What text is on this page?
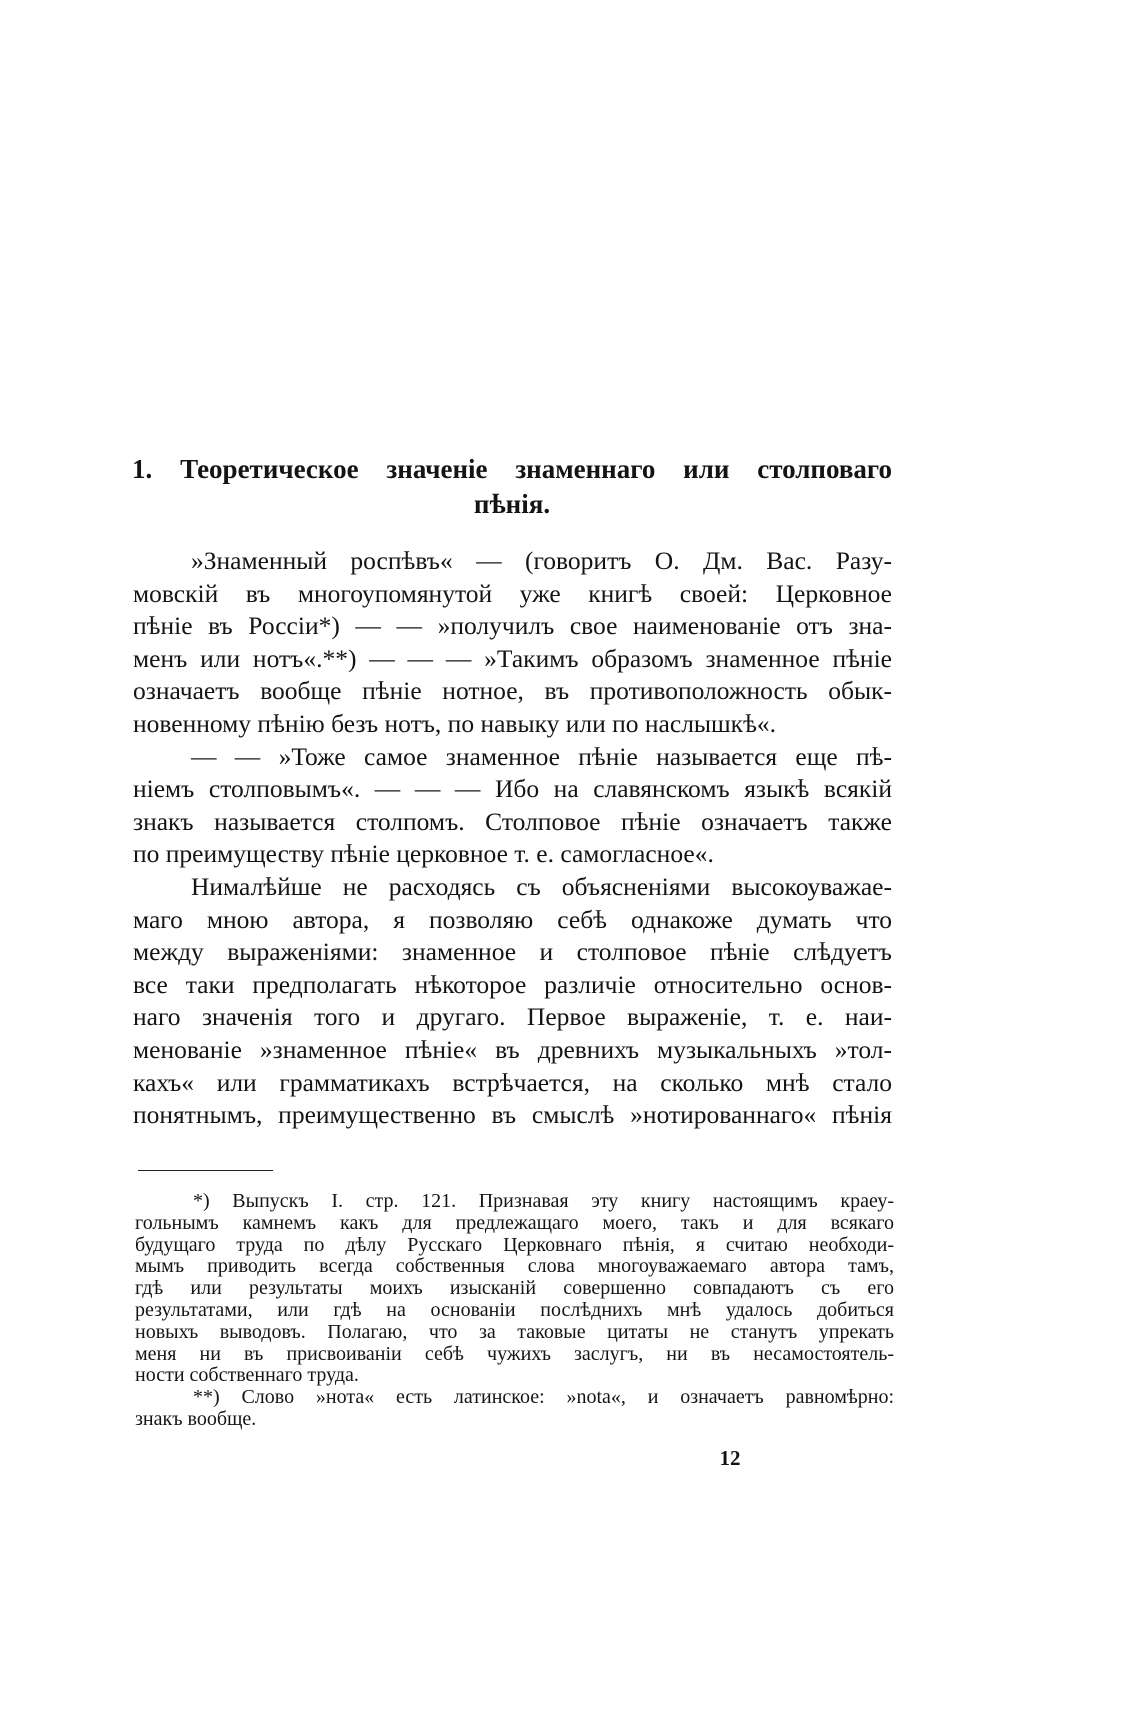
1. Теоретическое значеніе знаменнаго или столповаго
пѣнія.
»Знаменный роспѣвъ« — (говоритъ О. Дм. Вас. Разу-
мовскій въ многоупомянутой уже книгѣ своей: Церковное
пѣніе въ Россіи*) — — »получилъ свое наименованіе отъ зна-
менъ или нотъ«.**) — — — »Такимъ образомъ знаменное пѣніе
означаетъ вообще пѣніе нотное, въ противоположность обык-
новенному пѣнію безъ нотъ, по навыку или по наслышкѣ«.
— — »Тоже самое знаменное пѣніе называется еще пѣ-
ніемъ столповымъ«. — — — Ибо на славянскомъ языкѣ всякій
знакъ называется столпомъ. Столповое пѣніе означаетъ также
по преимуществу пѣніе церковное т. е. самогласное«.
Нималѣйше не расходясь съ объясненіями высокоуважае-
маго мною автора, я позволяю себѣ однакоже думать что
между выраженіями: знаменное и столповое пѣніе слѣдуетъ
все таки предполагать нѣкоторое различіе относительно основ-
наго значенія того и другаго. Первое выраженіе, т. е. наи-
менованіе »знаменное пѣніе« въ древнихъ музыкальныхъ »тол-
кахъ« или грамматикахъ встрѣчается, на сколько мнѣ стало
понятнымъ, преимущественно въ смыслѣ »нотированнаго« пѣнія
*) Выпускъ I. стр. 121. Признавая эту книгу настоящимъ краеу-
гольнымъ камнемъ какъ для предлежащаго моего, такъ и для всякаго
будущаго труда по дѣлу Русскаго Церковнаго пѣнія, я считаю необходи-
мымъ приводить всегда собственныя слова многоуважаемаго автора тамъ,
гдѣ или результаты моихъ изысканій совершенно совпадаютъ съ его
результатами, или гдѣ на основаніи послѣднихъ мнѣ удалось добиться
новыхъ выводовъ. Полагаю, что за таковые цитаты не станутъ упрекать
меня ни въ присвоиваніи себѣ чужихъ заслугъ, ни въ несамостоятель-
ности собственнаго труда.
**) Слово »нота« есть латинское: »nota«, и означаетъ равномѣрно:
знакъ вообще.
12
